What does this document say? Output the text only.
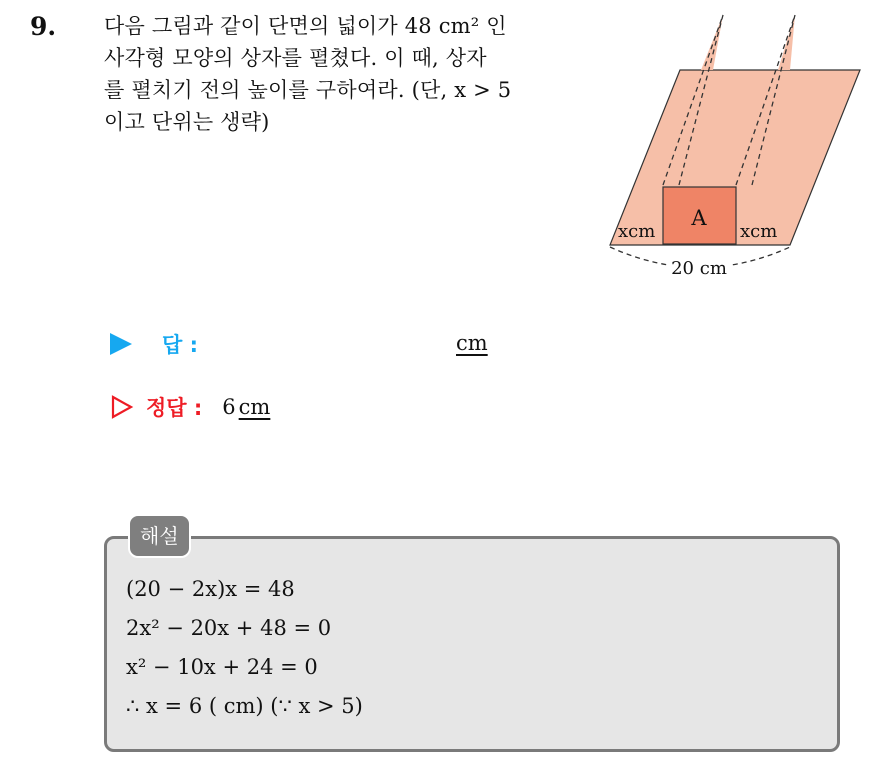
9. 다음 그림과 같이 단면의 넓이가 48 cm² 인
사각형 모양의 상자를 펼쳤다. 이 때, 상자
를 펼치기 전의 높이를 구하여라. (단, x > 5
이고 단위는 생략)
A
xcm	xcm
20 cm
답 :	cm
정답 : 6 cm
해설
(20 − 2x)x = 48
2x² − 20x + 48 = 0
x² − 10x + 24 = 0
∴ x = 6 ( cm) (∵ x > 5)
